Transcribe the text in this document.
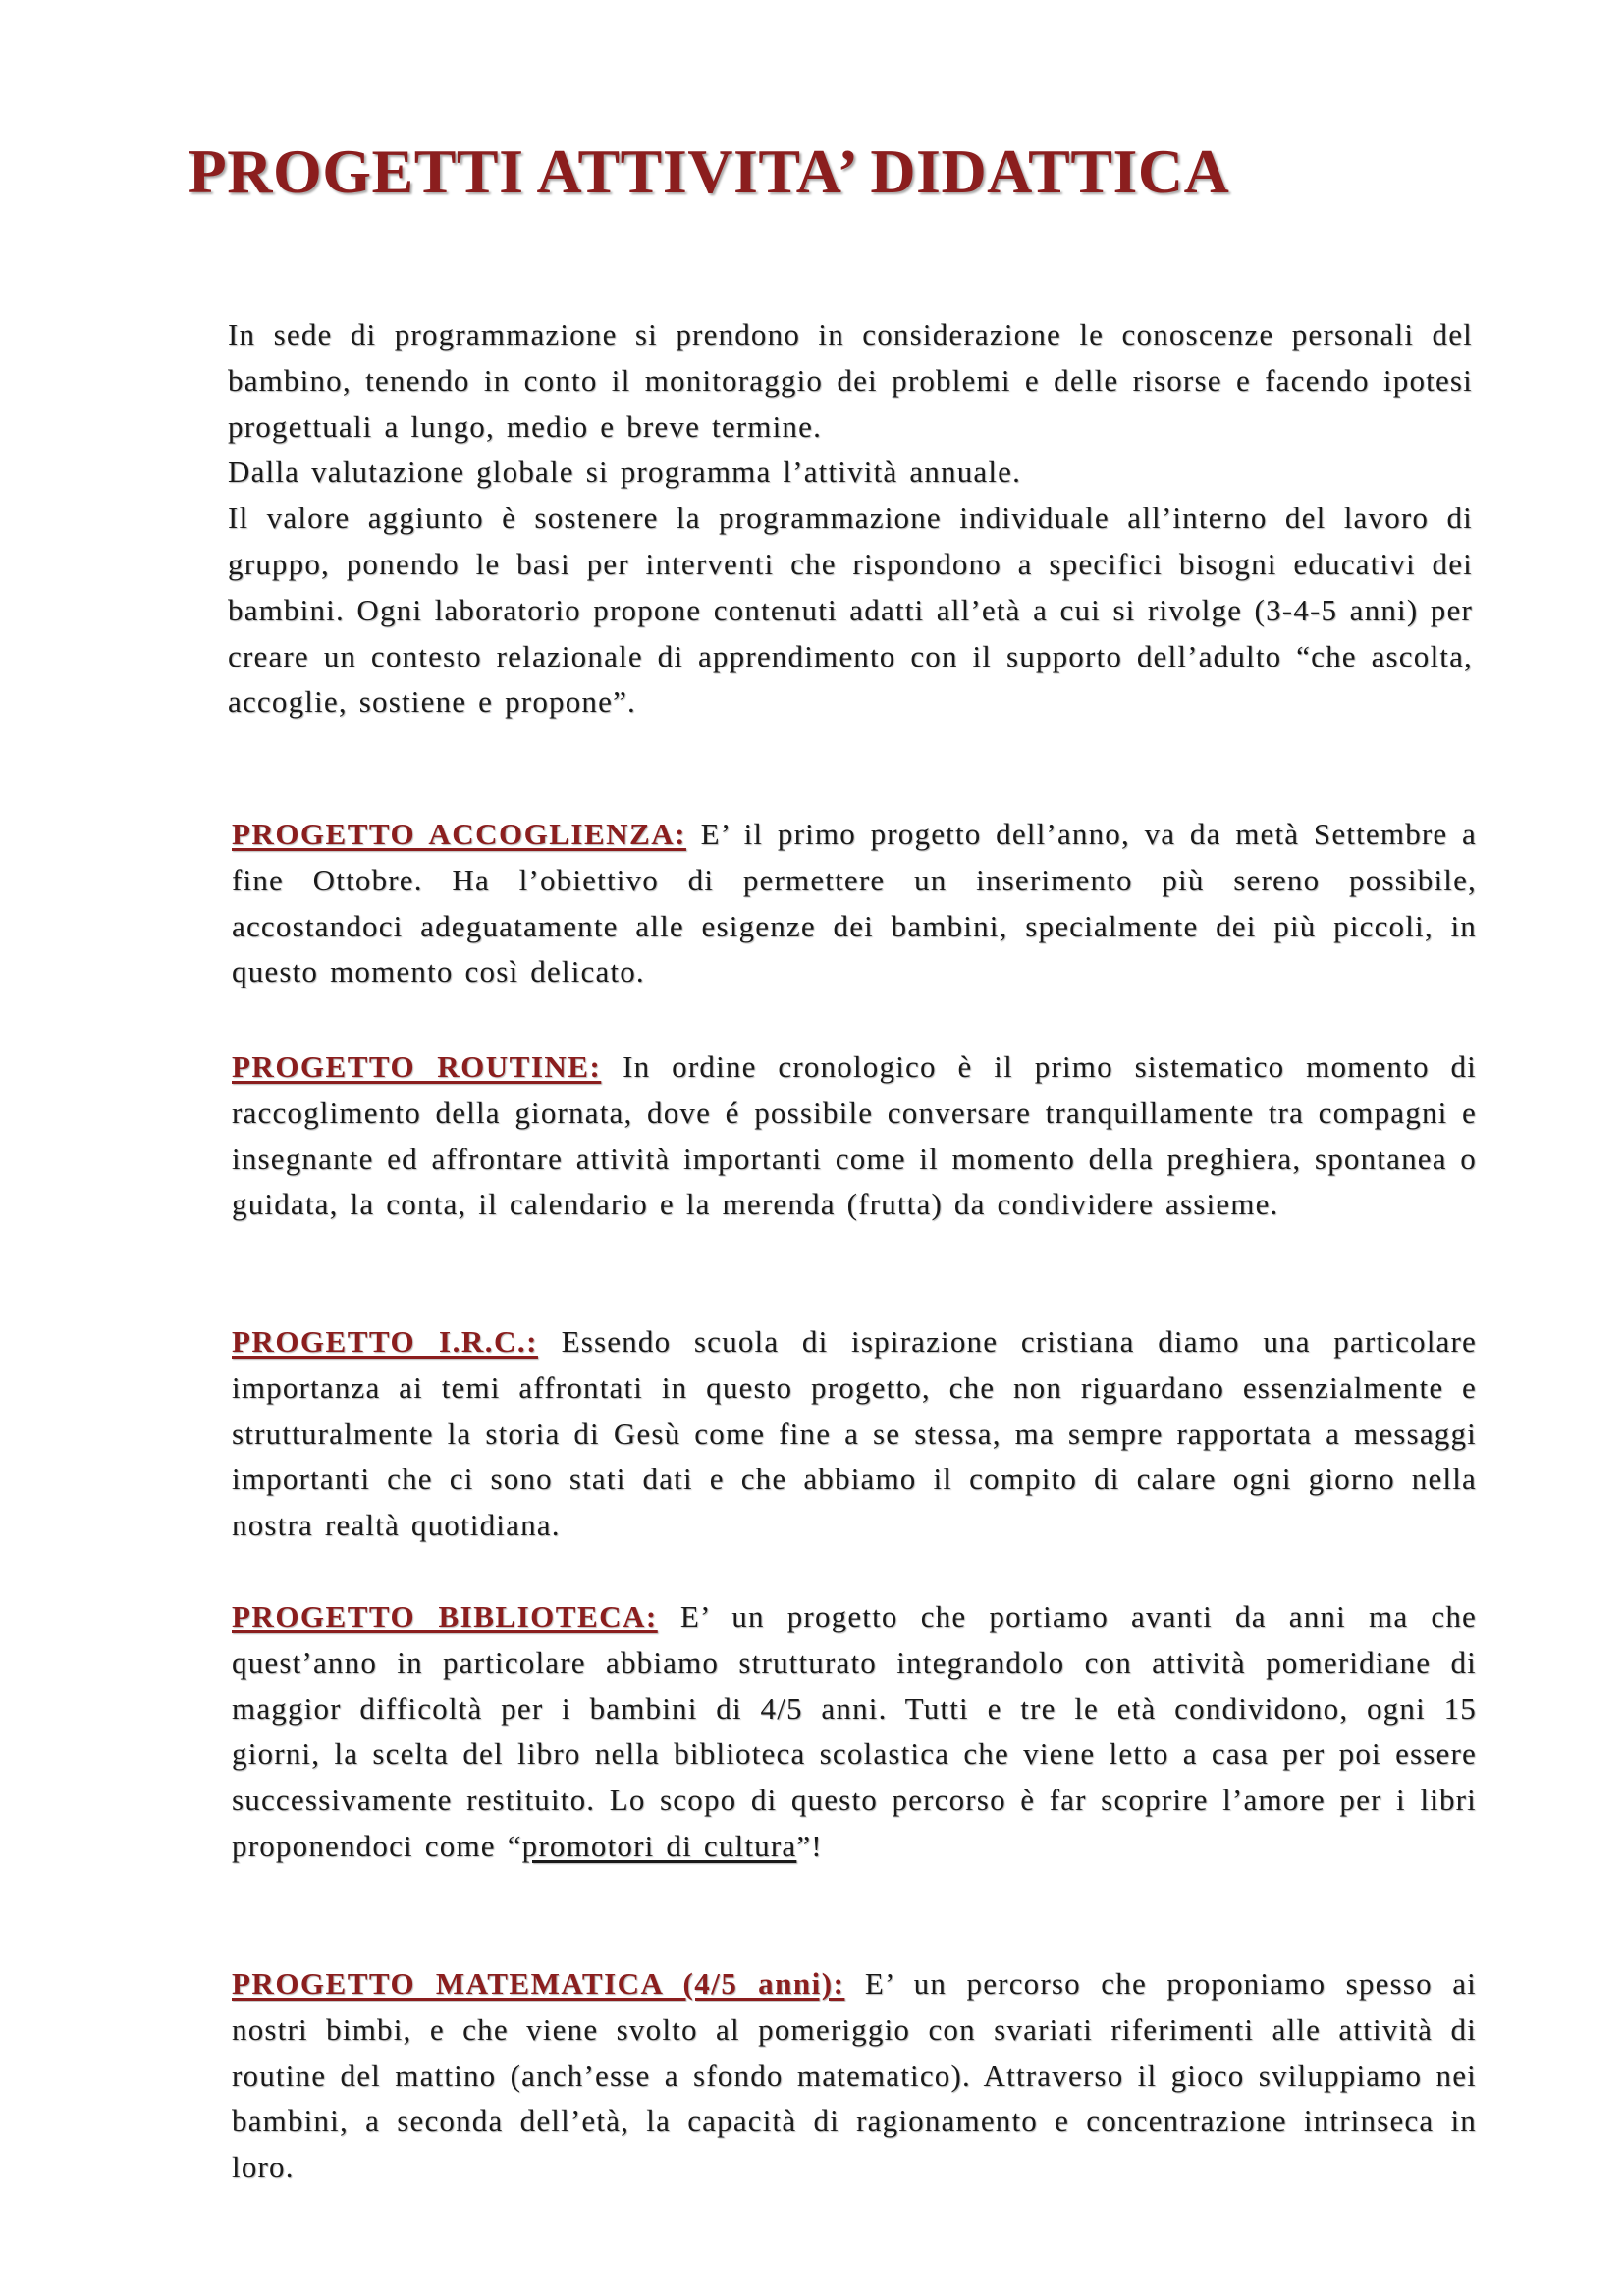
PROGETTI ATTIVITA’ DIDATTICA
In sede di programmazione si prendono in considerazione le conoscenze personali del bambino, tenendo in conto il monitoraggio dei problemi e delle risorse e facendo ipotesi progettuali a lungo, medio e breve termine.
Dalla valutazione globale si programma l’attività annuale.
Il valore aggiunto è sostenere la programmazione individuale all’interno del lavoro di gruppo, ponendo le basi per interventi che rispondono a specifici bisogni educativi dei bambini. Ogni laboratorio propone contenuti adatti all’età a cui si rivolge (3-4-5 anni) per creare un contesto relazionale di apprendimento con il supporto dell’adulto “che ascolta, accoglie, sostiene e propone”.

PROGETTO ACCOGLIENZA: E’ il primo progetto dell’anno, va da metà Settembre a fine Ottobre. Ha l’obiettivo di permettere un inserimento più sereno possibile, accostandoci adeguatamente alle esigenze dei bambini, specialmente dei più piccoli, in questo momento così delicato.

PROGETTO ROUTINE: In ordine cronologico è il primo sistematico momento di raccoglimento della giornata, dove é possibile conversare tranquillamente tra compagni e insegnante ed affrontare attività importanti come il momento della preghiera, spontanea o guidata, la conta, il calendario e la merenda (frutta) da condividere assieme.

PROGETTO I.R.C.: Essendo scuola di ispirazione cristiana diamo una particolare importanza ai temi affrontati in questo progetto, che non riguardano essenzialmente e strutturalmente la storia di Gesù come fine a se stessa, ma sempre rapportata a messaggi importanti che ci sono stati dati e che abbiamo il compito di calare ogni giorno nella nostra realtà quotidiana.

PROGETTO BIBLIOTECA: E’ un progetto che portiamo avanti da anni ma che quest’anno in particolare abbiamo strutturato integrandolo con attività pomeridiane di maggior difficoltà per i bambini di 4/5 anni. Tutti e tre le età condividono, ogni 15 giorni, la scelta del libro nella biblioteca scolastica che viene letto a casa per poi essere successivamente restituito. Lo scopo di questo percorso è far scoprire l’amore per i libri proponendoci come “promotori di cultura”!

PROGETTO MATEMATICA (4/5 anni): E’ un percorso che proponiamo spesso ai nostri bimbi, e che viene svolto al pomeriggio con svariati riferimenti alle attività di routine del mattino (anch’esse a sfondo matematico). Attraverso il gioco sviluppiamo nei bambini, a seconda dell’età, la capacità di ragionamento e concentrazione intrinseca in loro.
